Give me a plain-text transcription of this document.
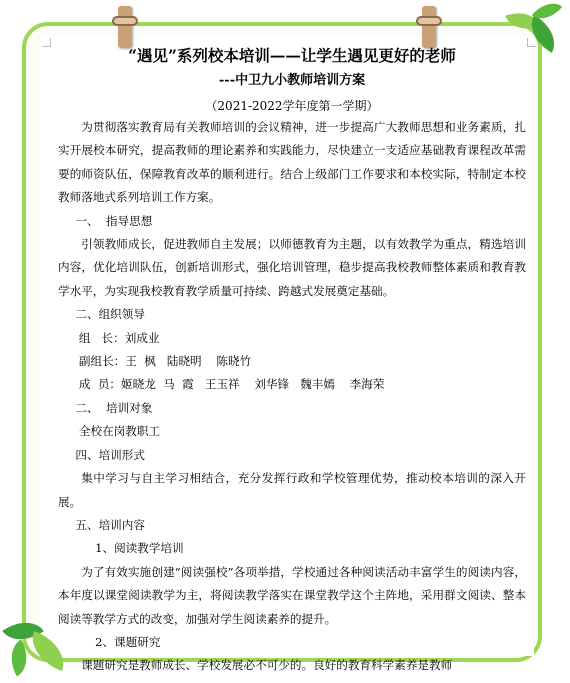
“遇见”系列校本培训——让学生遇见更好的老师

---中卫九小教师培训方案

（2021-2022学年度第一学期）

为贯彻落实教育局有关教师培训的会议精神，进一步提高广大教师思想和业务素质，扎实开展校本研究，提高教师的理论素养和实践能力，尽快建立一支适应基础教育课程改革需要的师资队伍，保障教育改革的顺利进行。结合上级部门工作要求和本校实际，特制定本校教师落地式系列培训工作方案。

一、  指导思想

引领教师成长，促进教师自主发展；以师德教育为主题，以有效教学为重点，精选培训内容，优化培训队伍，创新培训形式，强化培训管理，稳步提高我校教师整体素质和教育教学水平，为实现我校教育教学质量可持续、跨越式发展奠定基础。

二、组织领导

组   长：刘成业

副组长：王  枫   陆晓明    陈晓竹

成  员：姬晓龙  马  霞   王玉祥    刘华锋   魏丰嫣    李海荣

二、  培训对象

全校在岗教职工

四、培训形式

集中学习与自主学习相结合，充分发挥行政和学校管理优势，推动校本培训的深入开展。

五、培训内容

1、阅读教学培训

为了有效实施创建“阅读强校”各项举措，学校通过各种阅读活动丰富学生的阅读内容，本年度以课堂阅读教学为主，将阅读教学落实在课堂教学这个主阵地，采用群文阅读、整本阅读等教学方式的改变，加强对学生阅读素养的提升。

2、课题研究

课题研究是教师成长、学校发展必不可少的。良好的教育科学素养是教师
